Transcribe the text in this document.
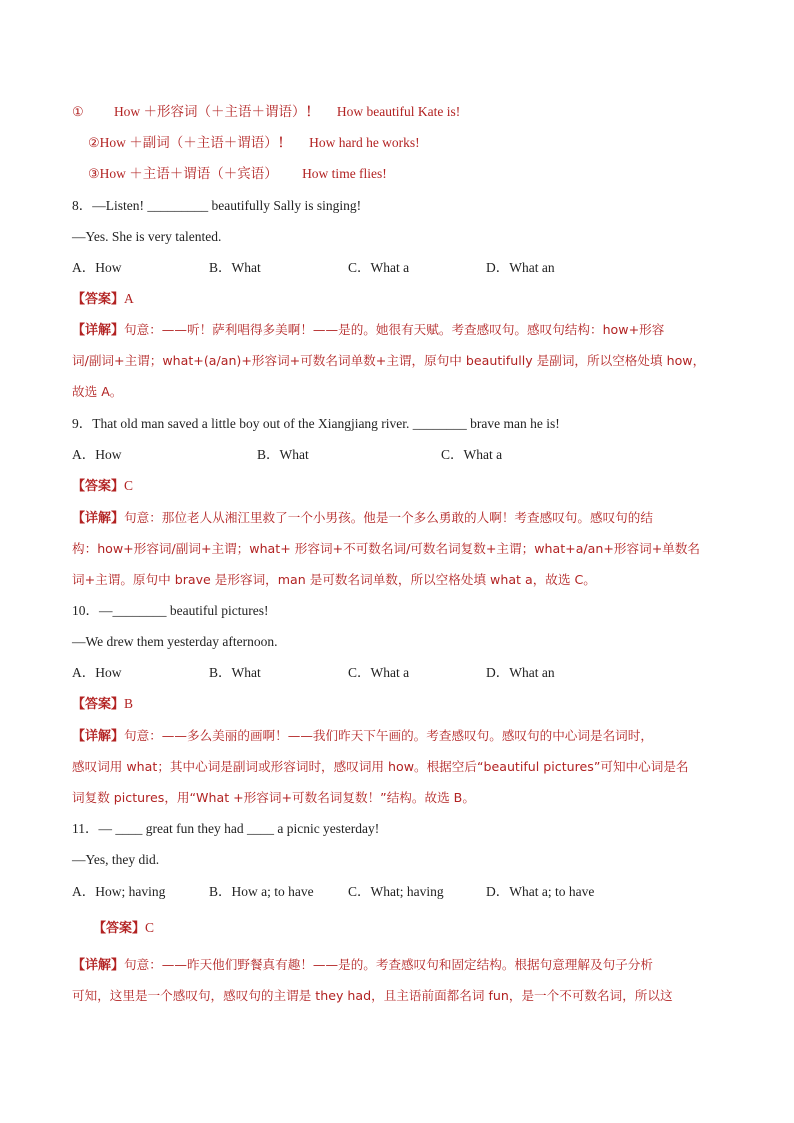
① How ＋形容词（＋主语＋谓语）！ How beautiful Kate is!
②How ＋副词（＋主语＋谓语）！ How hard he works!
③How ＋主语＋谓语（＋宾语） How time flies!
8．—Listen! _________ beautifully Sally is singing!
—Yes. She is very talented.
A．How	B．What	C．What a	D．What an
【答案】A
【详解】句意：——听！萨利唱得多美啊！——是的。她很有天赋。考查感叹句。感叹句结构：how+形容
词/副词+主谓；what+(a/an)+形容词+可数名词单数+主谓，原句中 beautifully 是副词，所以空格处填 how，
故选 A。
9．That old man saved a little boy out of the Xiangjiang river. ________ brave man he is!
A．How	B．What	C．What a
【答案】C
【详解】句意：那位老人从湘江里救了一个小男孩。他是一个多么勇敢的人啊！考查感叹句。感叹句的结
构：how+形容词/副词+主谓；what+ 形容词+不可数名词/可数名词复数+主谓；what+a/an+形容词+单数名
词+主谓。原句中 brave 是形容词，man 是可数名词单数，所以空格处填 what a，故选 C。
10．—________ beautiful pictures!
—We drew them yesterday afternoon.
A．How	B．What	C．What a	D．What an
【答案】B
【详解】句意：——多么美丽的画啊！——我们昨天下午画的。考查感叹句。感叹句的中心词是名词时，
感叹词用 what；其中心词是副词或形容词时，感叹词用 how。根据空后“beautiful pictures”可知中心词是名
词复数 pictures，用“What +形容词+可数名词复数！”结构。故选 B。
11．— ____ great fun they had ____ a picnic yesterday!
—Yes, they did.
A．How; having	B．How a; to have	C．What; having	D．What a; to have
【答案】C
【详解】句意：——昨天他们野餐真有趣！——是的。考查感叹句和固定结构。根据句意理解及句子分析
可知，这里是一个感叹句，感叹句的主谓是 they had，且主语前面都名词 fun，是一个不可数名词，所以这
